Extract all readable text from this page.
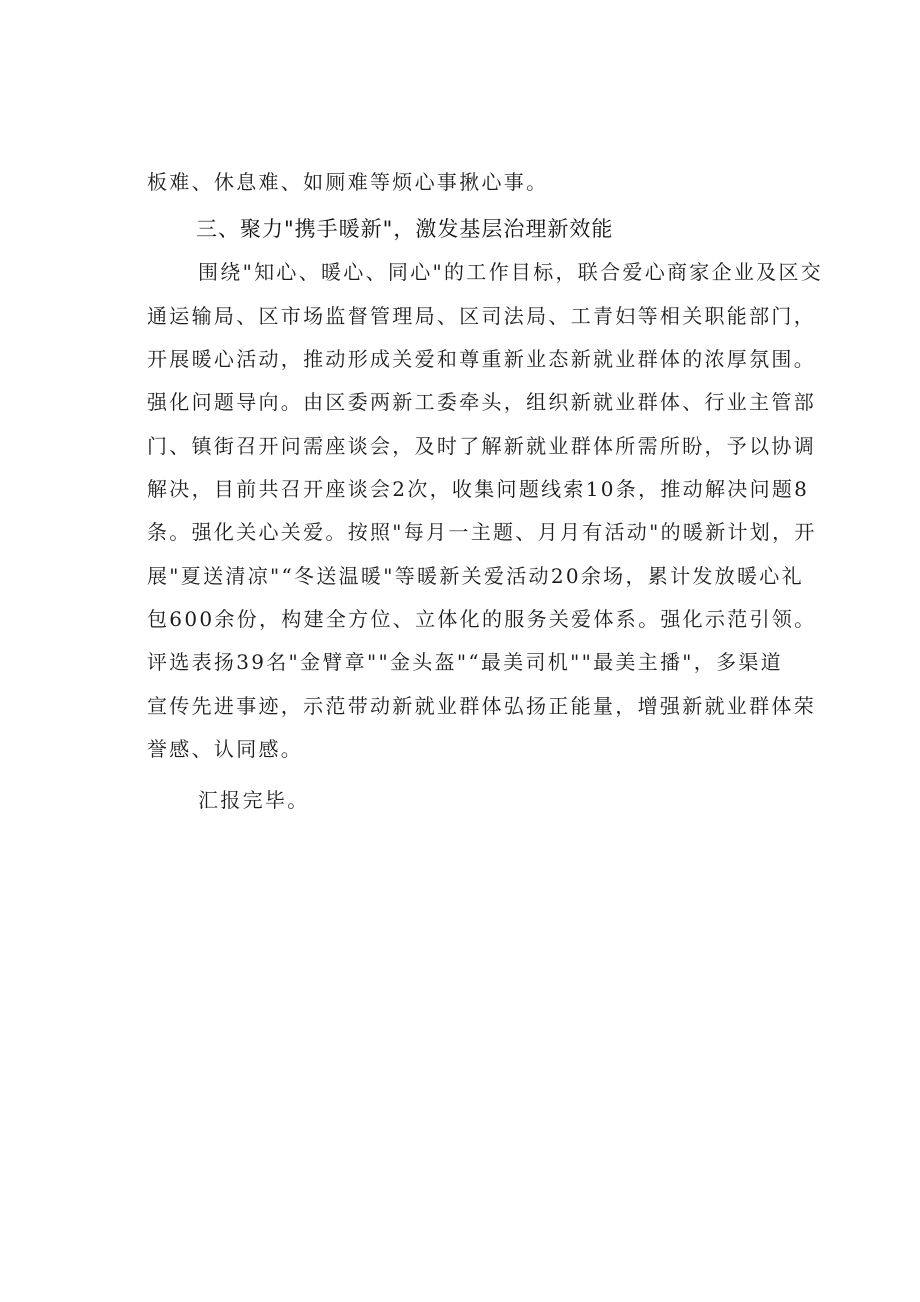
板难、休息难、如厕难等烦心事揪心事。
三、聚力"携手暖新"，激发基层治理新效能
围绕"知心、暖心、同心"的工作目标，联合爱心商家企业及区交
通运输局、区市场监督管理局、区司法局、工青妇等相关职能部门，
开展暖心活动，推动形成关爱和尊重新业态新就业群体的浓厚氛围。
强化问题导向。由区委两新工委牵头，组织新就业群体、行业主管部
门、镇街召开问需座谈会，及时了解新就业群体所需所盼，予以协调
解决，目前共召开座谈会2次，收集问题线索10条，推动解决问题8
条。强化关心关爱。按照"每月一主题、月月有活动"的暖新计划，开
展"夏送清凉"“冬送温暖"等暖新关爱活动20余场，累计发放暖心礼
包600余份，构建全方位、立体化的服务关爱体系。强化示范引领。
评选表扬39名"金臂章""金头盔"“最美司机""最美主播"，多渠道
宣传先进事迹，示范带动新就业群体弘扬正能量，增强新就业群体荣
誉感、认同感。
汇报完毕。
